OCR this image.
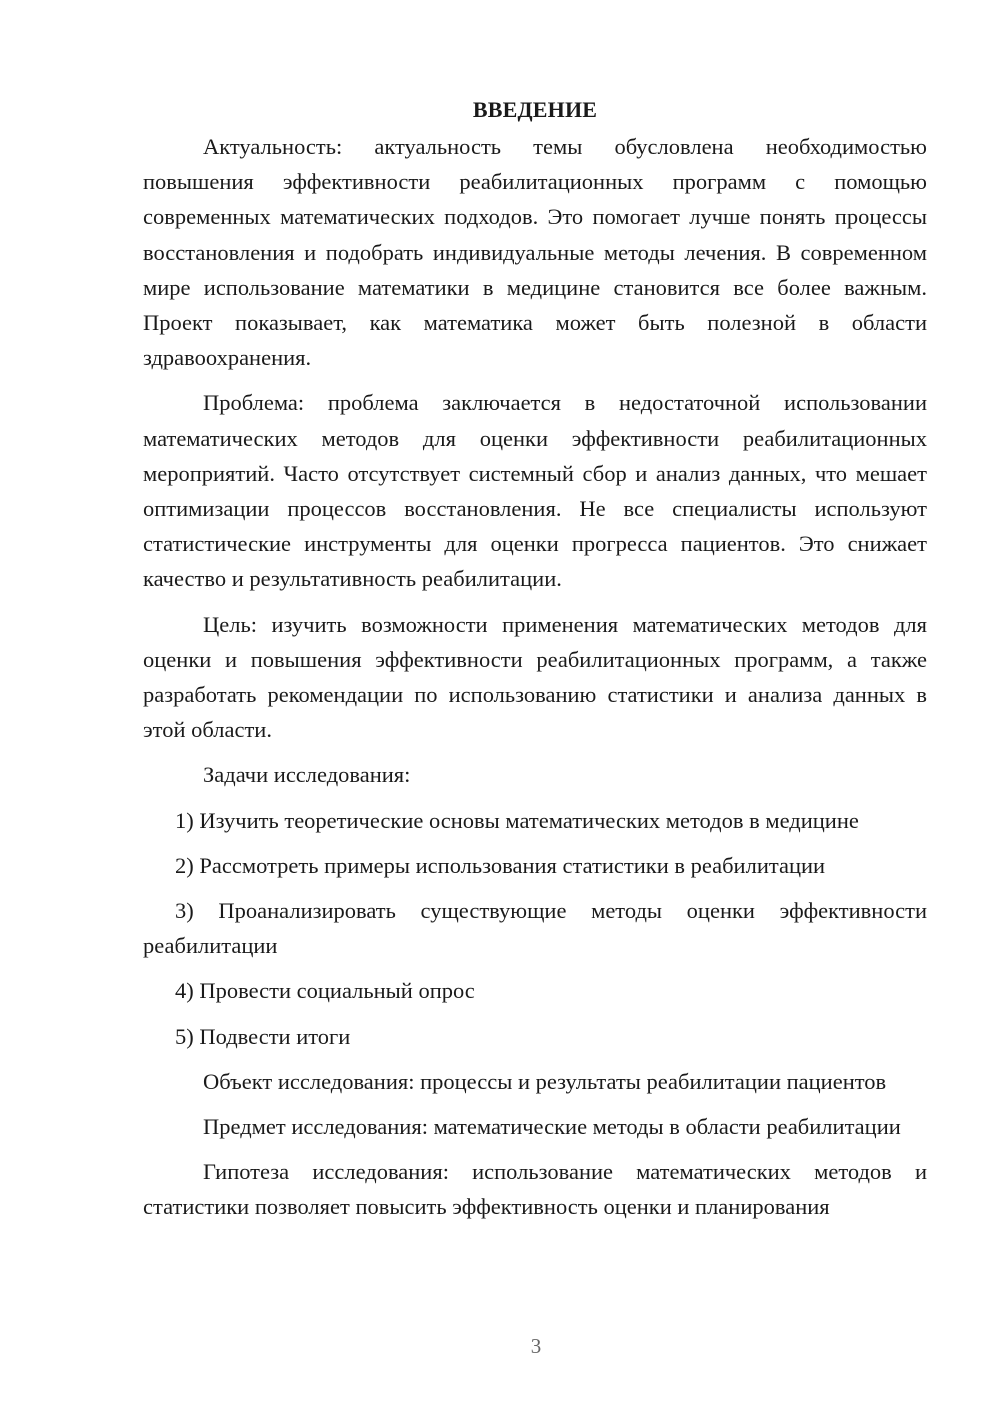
ВВЕДЕНИЕ

Актуальность: актуальность темы обусловлена необходимостью повышения эффективности реабилитационных программ с помощью современных математических подходов. Это помогает лучше понять процессы восстановления и подобрать индивидуальные методы лечения. В современном мире использование математики в медицине становится все более важным. Проект показывает, как математика может быть полезной в области здравоохранения.

Проблема: проблема заключается в недостаточной использовании математических методов для оценки эффективности реабилитационных мероприятий. Часто отсутствует системный сбор и анализ данных, что мешает оптимизации процессов восстановления. Не все специалисты используют статистические инструменты для оценки прогресса пациентов. Это снижает качество и результативность реабилитации.

Цель: изучить возможности применения математических методов для оценки и повышения эффективности реабилитационных программ, а также разработать рекомендации по использованию статистики и анализа данных в этой области.

Задачи исследования:

1) Изучить теоретические основы математических методов в медицине

2) Рассмотреть примеры использования статистики в реабилитации

3) Проанализировать существующие методы оценки эффективности реабилитации

4) Провести социальный опрос

5) Подвести итоги

Объект исследования: процессы и результаты реабилитации пациентов

Предмет исследования: математические методы в области реабилитации

Гипотеза исследования: использование математических методов и статистики позволяет повысить эффективность оценки и планирования

3
